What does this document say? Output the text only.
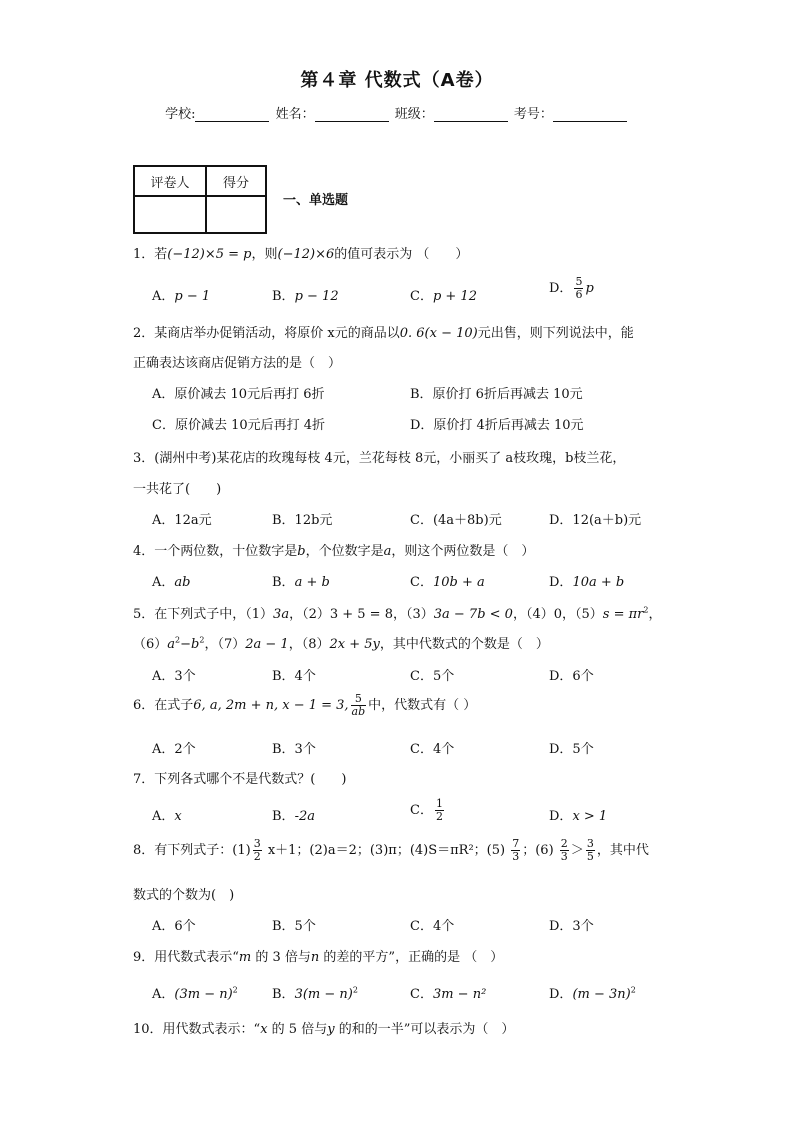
第４章 代数式（A卷）
学校:	姓名：	班级：	考号：
评卷人	得分

一、单选题
1．若(−12)×5 = p，则(−12)×6的值可表示为 （　　）
A．p − 1	B．p − 12	C．p + 12
D． $\frac{5}{6}$ p
2．某商店举办促销活动，将原价 x元的商品以0. 6(x − 10)元出售，则下列说法中，能
正确表达该商店促销方法的是（　）
A．原价减去 10元后再打 6折	B．原价打 6折后再减去 10元
C．原价减去 10元后再打 4折	D．原价打 4折后再减去 10元
3．(湖州中考)某花店的玫瑰每枝 4元，兰花每枝 8元，小丽买了 a枝玫瑰，b枝兰花，
一共花了(　　)
A．12a元	B．12b元	C．(4a＋8b)元	D．12(a＋b)元
4．一个两位数，十位数字是b，个位数字是a，则这个两位数是（　）
A．ab	B．a + b	C．10b + a	D．10a + b
5．在下列式子中，（1）3a，（2）3 + 5 = 8，（3）3a − 7b < 0，（4）0，$(5)s = \pi r^2$，
$(6)a^2-b^2$，（7）2a − 1，（8）2x + 5y，其中代数式的个数是（　）
A．3个	B．4个	C．5个	D．6个
6．在式子6, a, 2m + n, x − 1 = 3, $\frac{5}{ab}$ 中，代数式有（ ）
A．2个	B．3个	C．4个	D．5个
7．下列各式哪个不是代数式？(　　)
A．x	B．-2a	C． $\frac{1}{2}$	D．x > 1
8．有下列式子：$(1) \frac{3}{2} x+1$；(2)a＝2；(3)π；(4)S＝πR²；$(5) \frac{7}{3}$ ；$(6) \frac{2}{3} > \frac{3}{5}$ ，其中代
数式的个数为(　)
A．6个	B．5个	C．4个	D．3个
9．用代数式表示“m 的 3 倍与n 的差的平方”，正确的是 （　）
A．$(3m - n)^2$	B．$3(m - n)^2$	C．3m − n²	D．$(m - 3n)^2$
10．用代数式表示：“x 的 5 倍与y 的和的一半”可以表示为（　）
